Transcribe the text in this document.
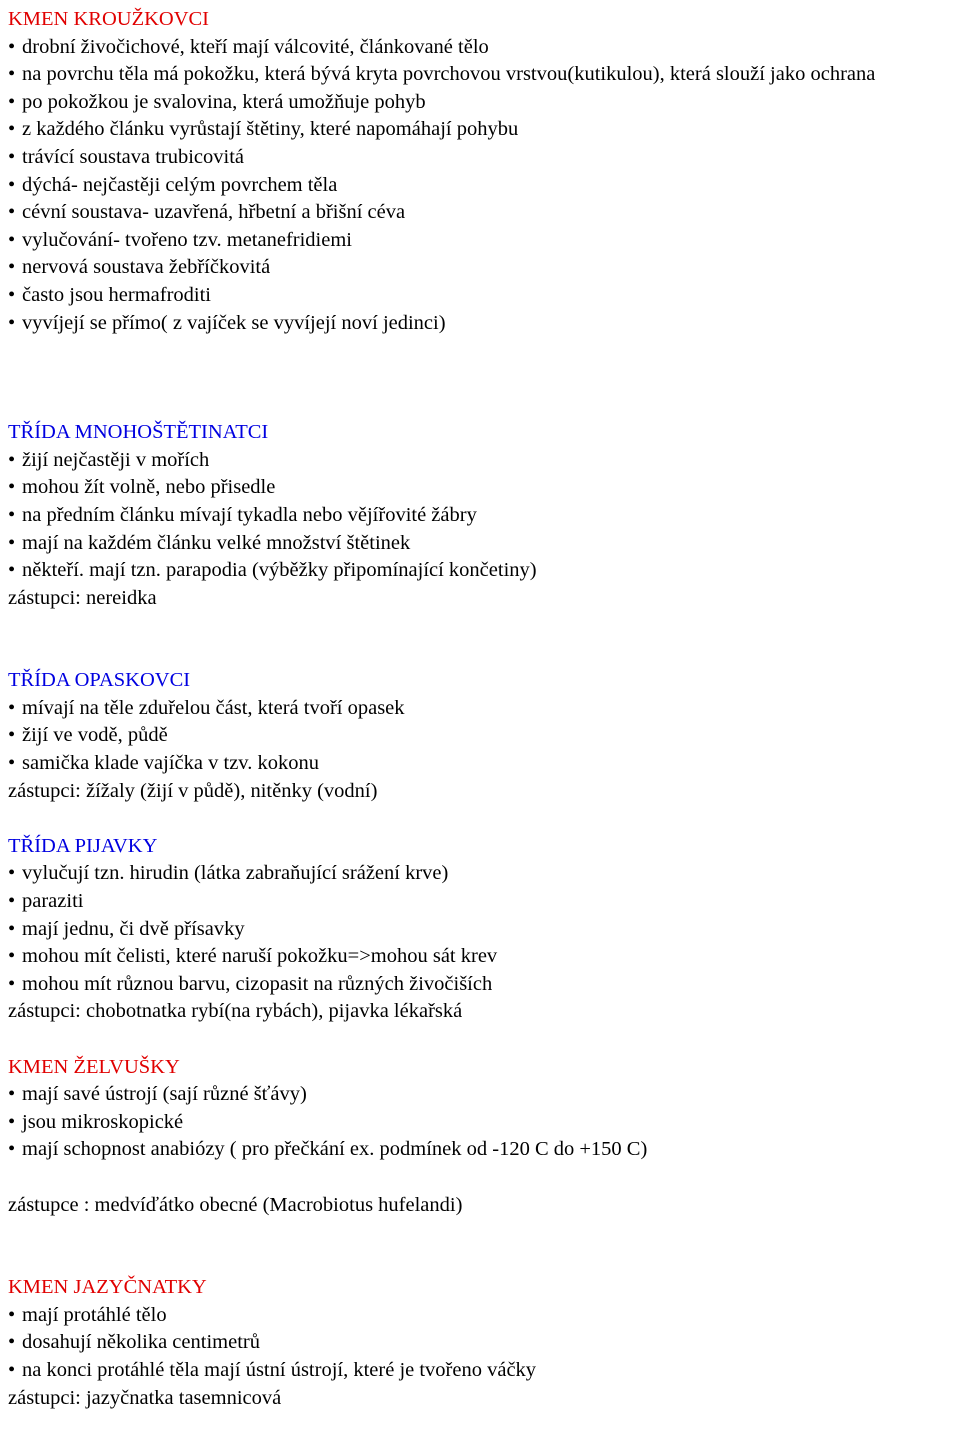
KMEN KROUŽKOVCI
• drobní živočichové, kteří mají válcovité, článkované tělo
• na povrchu těla má pokožku, která bývá kryta povrchovou vrstvou(kutikulou), která slouží jako ochrana
• po pokožkou je svalovina, která umožňuje pohyb
• z každého článku vyrůstají štětiny, které napomáhají pohybu
• trávící soustava trubicovitá
• dýchá- nejčastěji celým povrchem těla
• cévní soustava- uzavřená, hřbetní a břišní céva
• vylučování- tvořeno tzv. metanefridiemi
• nervová soustava žebříčkovitá
• často jsou hermafroditi
• vyvíjejí se přímo( z vajíček se vyvíjejí noví jedinci)
TŘÍDA MNOHOŠTĚTINATCI
• žijí nejčastěji v mořích
• mohou žít volně, nebo přisedle
• na předním článku mívají tykadla nebo vějířovité žábry
• mají na každém článku velké množství štětinek
• někteří. mají tzn. parapodia (výběžky připomínající končetiny)
zástupci: nereidka
TŘÍDA OPASKOVCI
• mívají na těle zduřelou část, která tvoří opasek
• žijí ve vodě, půdě
• samička klade vajíčka v tzv. kokonu
zástupci: žížaly (žijí v půdě), nitěnky (vodní)
TŘÍDA PIJAVKY
• vylučují tzn. hirudin (látka zabraňující srážení krve)
• paraziti
• mají jednu, či dvě přísavky
• mohou mít čelisti, které naruší pokožku=>mohou sát krev
• mohou mít různou barvu, cizopasit na různých živočiších
zástupci: chobotnatka rybí(na rybách), pijavka lékařská
KMEN ŽELVUŠKY
• mají savé ústrojí (sají různé šťávy)
• jsou mikroskopické
• mají schopnost anabiózy ( pro přečkání ex. podmínek od -120 C do +150 C)
zástupce : medvíďátko obecné (Macrobiotus hufelandi)
KMEN JAZYČNATKY
• mají protáhlé tělo
• dosahují několika centimetrů
• na konci protáhlé těla mají ústní ústrojí, které je tvořeno váčky
zástupci: jazyčnatka tasemnicová
